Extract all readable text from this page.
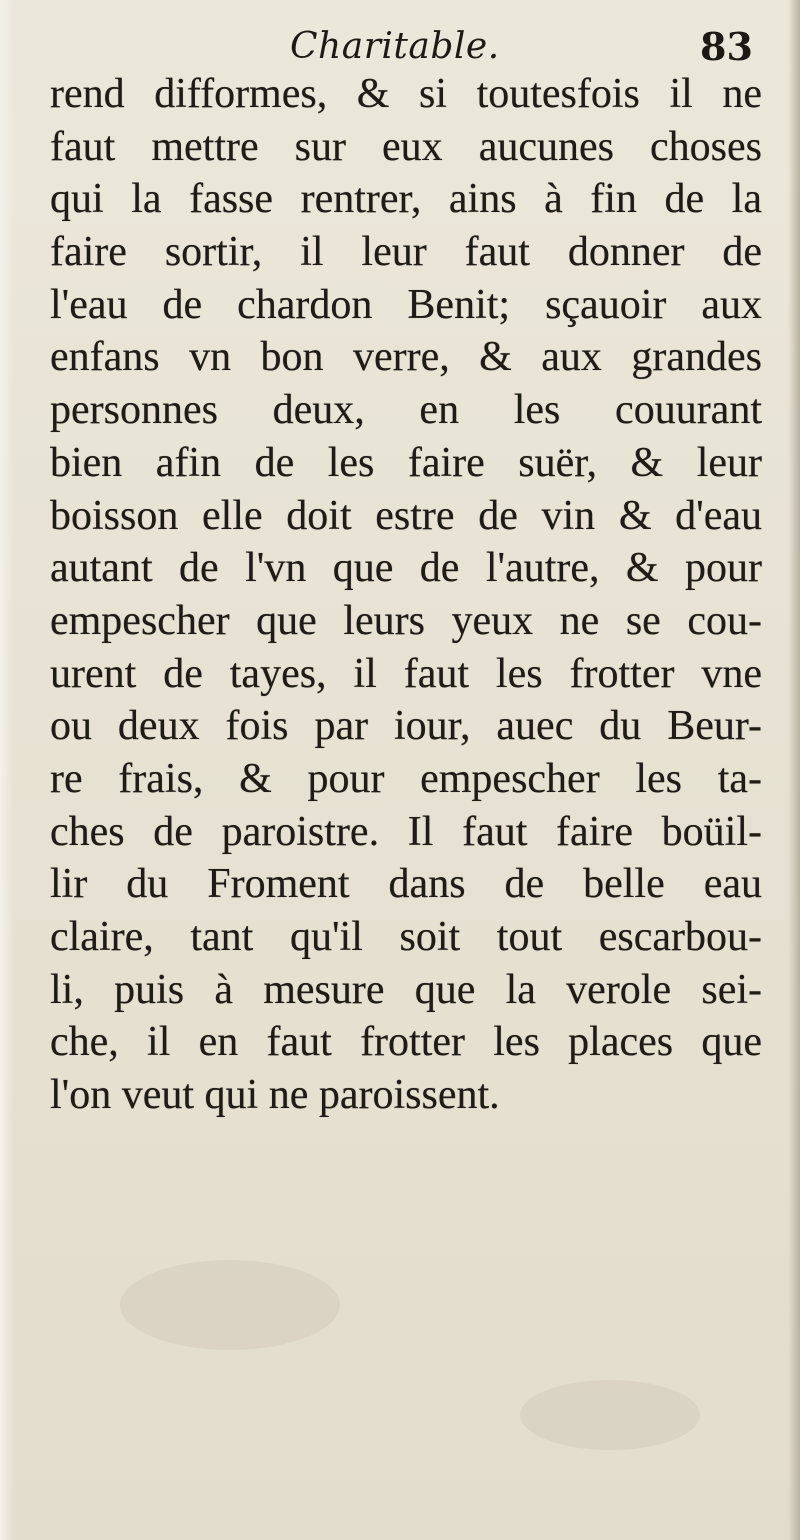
Charitable.	83
rend difformes, & si toutesfois il ne
faut mettre sur eux aucunes choses
qui la fasse rentrer, ains à fin de la
faire sortir, il leur faut donner de
l'eau de chardon Benit; sçauoir aux
enfans vn bon verre, & aux grandes
personnes deux, en les couurant
bien afin de les faire suër, & leur
boisson elle doit estre de vin & d'eau
autant de l'vn que de l'autre, & pour
empescher que leurs yeux ne se cou-
urent de tayes, il faut les frotter vne
ou deux fois par iour, auec du Beur-
re frais, & pour empescher les ta-
ches de paroistre. Il faut faire boüil-
lir du Froment dans de belle eau
claire, tant qu'il soit tout escarbou-
li, puis à mesure que la verole sei-
che, il en faut frotter les places que
l'on veut qui ne paroissent.
